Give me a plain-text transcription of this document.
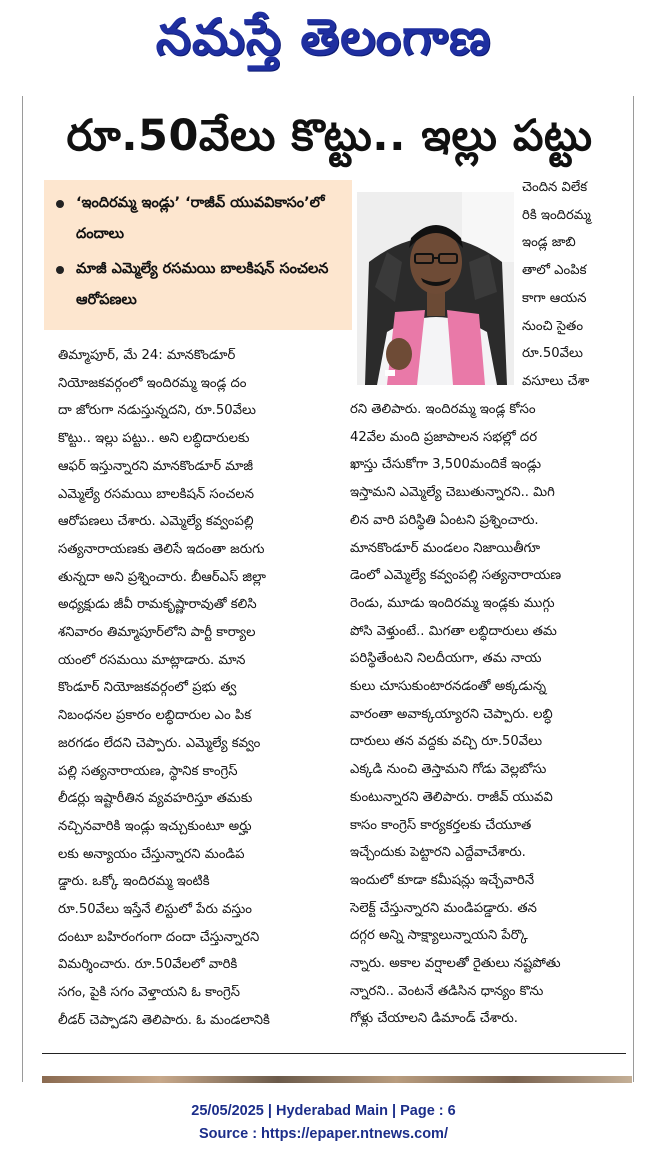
నమస్తే తెలంగాణ
రూ.50వేలు కొట్టు.. ఇల్లు పట్టు
‘ఇందిరమ్మ ఇండ్లు’ ‘రాజీవ్ యువవికాసం’లో దందాలు
మాజీ ఎమ్మెల్యే రసమయి బాలకిషన్ సంచలన ఆరోపణలు
చెందిన విలేక
రికి ఇందిరమ్మ
ఇండ్ల జాబి
తాలో ఎంపిక
కాగా ఆయన
నుంచి సైతం
రూ.50వేలు
వసూలు చేశా
తిమ్మాపూర్, మే 24: మానకొండూర్
నియోజకవర్గంలో ఇందిరమ్మ ఇండ్ల దం
దా జోరుగా నడుస్తున్నదని, రూ.50వేలు
కొట్టు.. ఇల్లు పట్టు.. అని లబ్ధిదారులకు
ఆఫర్ ఇస్తున్నారని మానకొండూర్ మాజీ
ఎమ్మెల్యే రసమయి బాలకిషన్ సంచలన
ఆరోపణలు చేశారు. ఎమ్మెల్యే కవ్వంపల్లి
సత్యనారాయణకు తెలిసే ఇదంతా జరుగు
తున్నదా అని ప్రశ్నించారు. బీఆర్ఎస్ జిల్లా
అధ్యక్షుడు జీవీ రామకృష్ణారావుతో కలిసి
శనివారం తిమ్మాపూర్‌లోని పార్టీ కార్యాల
యంలో రసమయి మాట్లాడారు. మాన
కొండూర్ నియోజకవర్గంలో ప్రభు త్వ
నిబంధనల ప్రకారం లబ్ధిదారుల ఎం పిక
జరగడం లేదని చెప్పారు. ఎమ్మెల్యే కవ్వం
పల్లి సత్యనారాయణ, స్థానిక కాంగ్రెస్
లీడర్లు ఇష్టారీతిన వ్యవహరిస్తూ తమకు
నచ్చినవారికి ఇండ్లు ఇచ్చుకుంటూ అర్హు
లకు అన్యాయం చేస్తున్నారని మండిప
డ్డారు. ఒక్కో ఇందిరమ్మ ఇంటికి
రూ.50వేలు ఇస్తేనే లిస్టులో పేరు వస్తుం
దంటూ బహిరంగంగా దందా చేస్తున్నారని
విమర్శించారు. రూ.50వేలలో వారికి
సగం, పైకి సగం వెళ్తాయని ఓ కాంగ్రెస్
లీడర్ చెప్పాడని తెలిపారు. ఓ మండలానికి
రని తెలిపారు. ఇందిరమ్మ ఇండ్ల కోసం
42వేల మంది ప్రజాపాలన సభల్లో దర
ఖాస్తు చేసుకోగా 3,500మందికే ఇండ్లు
ఇస్తామని ఎమ్మెల్యే చెబుతున్నారని.. మిగి
లిన వారి పరిస్థితి ఏంటని ప్రశ్నించారు.
మానకొండూర్ మండలం నిజాయితీగూ
డెంలో ఎమ్మెల్యే కవ్వంపల్లి సత్యనారాయణ
రెండు, మూడు ఇందిరమ్మ ఇండ్లకు ముగ్గు
పోసి వెళ్తుంటే.. మిగతా లబ్ధిదారులు తమ
పరిస్థితేంటని నిలదీయగా, తమ నాయ
కులు చూసుకుంటారనడంతో అక్కడున్న
వారంతా అవాక్కయ్యారని చెప్పారు. లబ్ధి
దారులు తన వద్దకు వచ్చి రూ.50వేలు
ఎక్కడి నుంచి తెస్తామని గోడు వెల్లబోసు
కుంటున్నారని తెలిపారు. రాజీవ్ యువవి
కాసం కాంగ్రెస్ కార్యకర్తలకు చేయూత
ఇచ్చేందుకు పెట్టారని ఎద్దేవాచేశారు.
ఇందులో కూడా కమీషన్లు ఇచ్చేవారినే
సెలెక్ట్ చేస్తున్నారని మండిపడ్డారు. తన
దగ్గర అన్ని సాక్ష్యాలున్నాయని పేర్కొ
న్నారు. అకాల వర్షాలతో రైతులు నష్టపోతు
న్నారని.. వెంటనే తడిసిన ధాన్యం కొను
గోళ్లు చేయాలని డిమాండ్ చేశారు.
25/05/2025 | Hyderabad Main | Page : 6
Source : https://epaper.ntnews.com/
